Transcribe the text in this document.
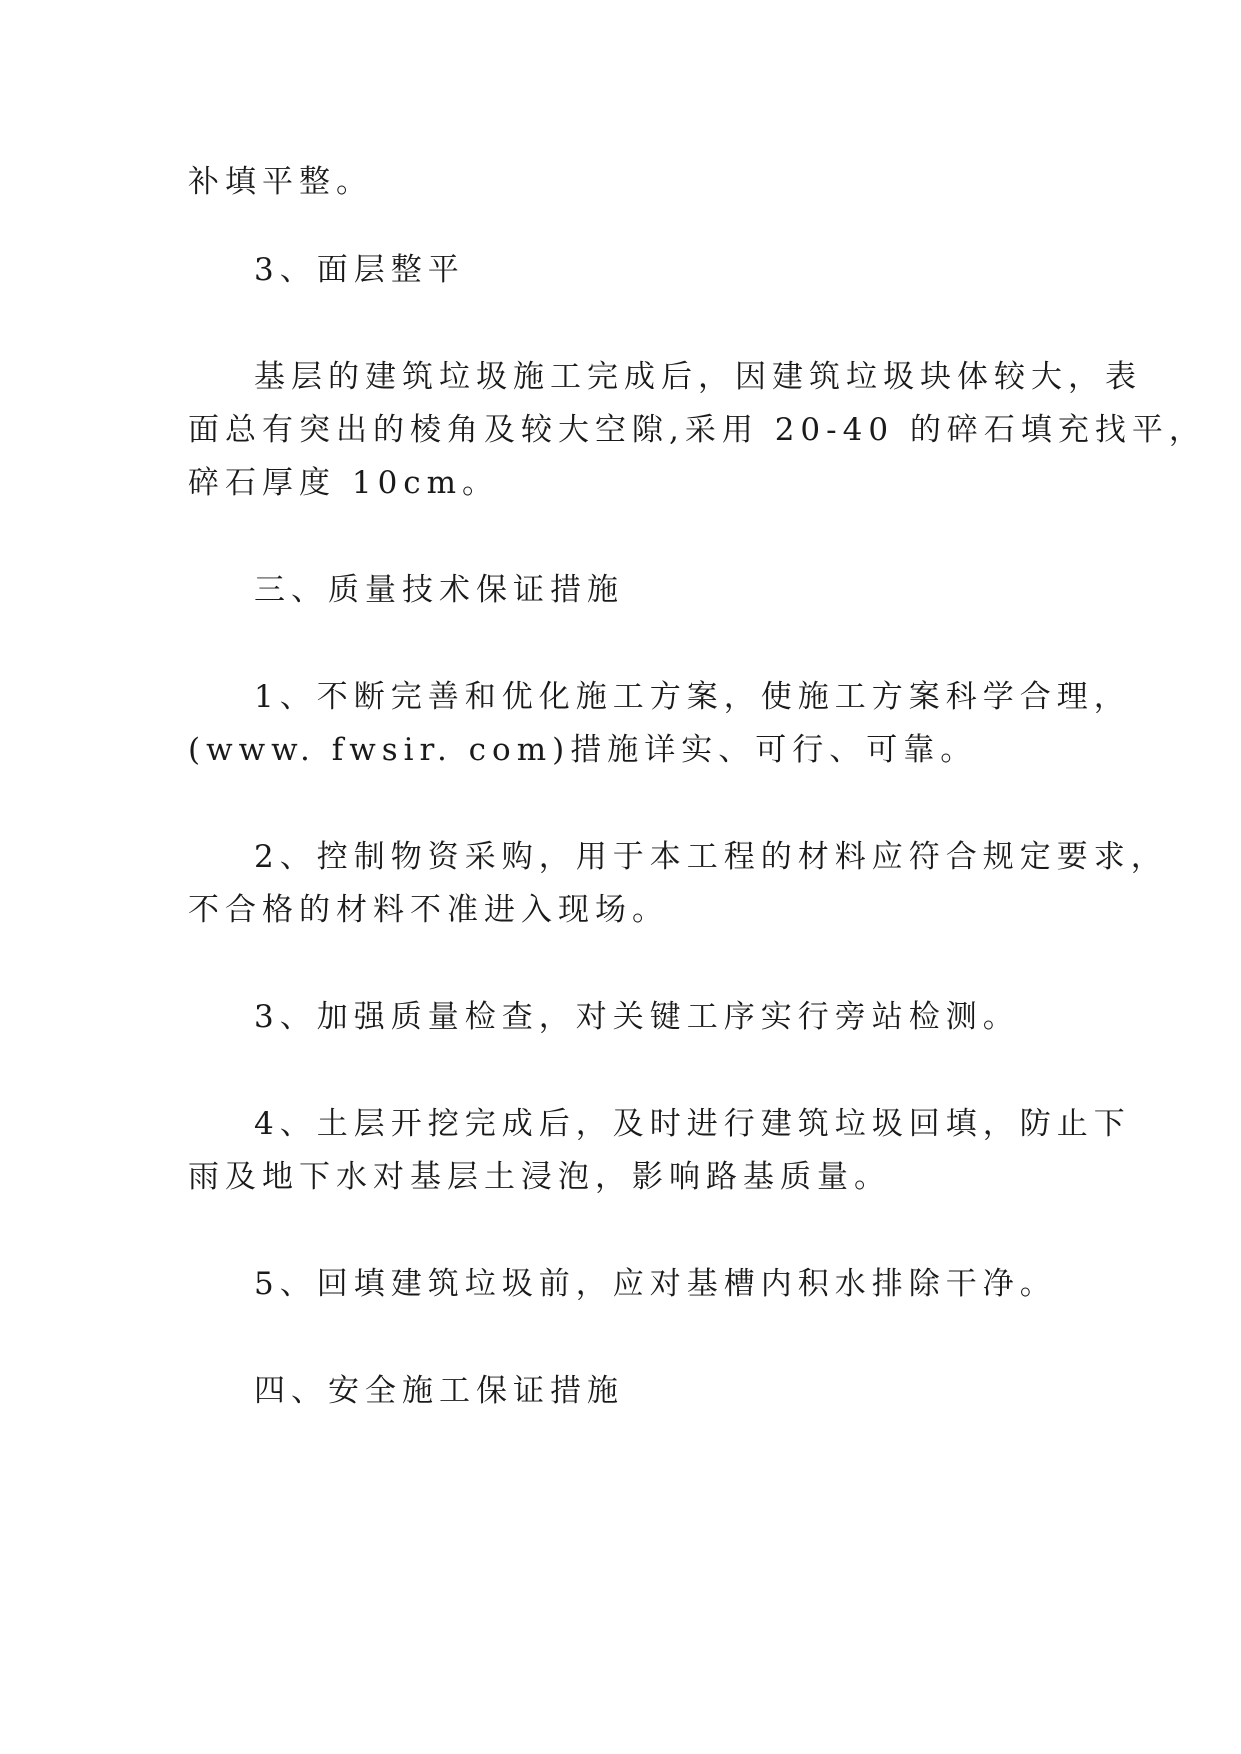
补填平整。
3、面层整平
基层的建筑垃圾施工完成后，因建筑垃圾块体较大，表
面总有突出的棱角及较大空隙,采用 20-40 的碎石填充找平，
碎石厚度 10cm。
三、质量技术保证措施
1、不断完善和优化施工方案，使施工方案科学合理，
(www. fwsir. com)措施详实、可行、可靠。
2、控制物资采购，用于本工程的材料应符合规定要求，
不合格的材料不准进入现场。
3、加强质量检查，对关键工序实行旁站检测。
4、土层开挖完成后，及时进行建筑垃圾回填，防止下
雨及地下水对基层土浸泡，影响路基质量。
5、回填建筑垃圾前，应对基槽内积水排除干净。
四、安全施工保证措施
